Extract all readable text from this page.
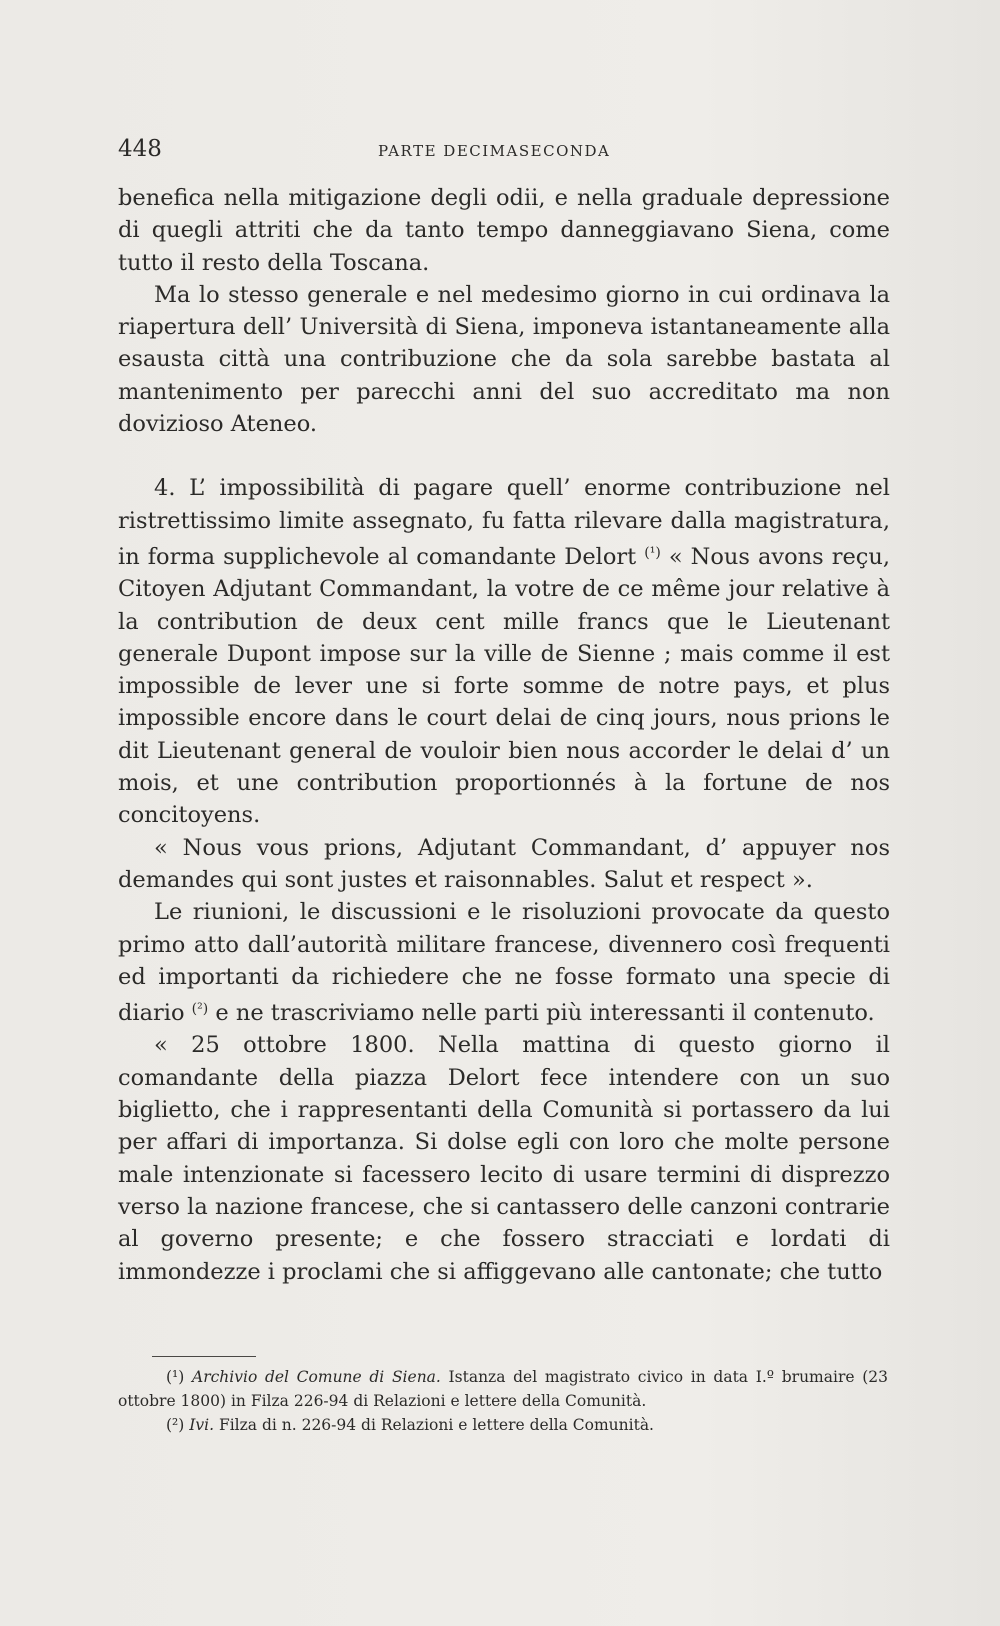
448	PARTE DECIMASECONDA

benefica nella mitigazione degli odii, e nella graduale depressione di quegli attriti che da tanto tempo danneggiavano Siena, come tutto il resto della Toscana.

Ma lo stesso generale e nel medesimo giorno in cui ordinava la riapertura dell’ Università di Siena, imponeva istantaneamente alla esausta città una contribuzione che da sola sarebbe bastata al mantenimento per parecchi anni del suo accreditato ma non dovizioso Ateneo.

4. L’ impossibilità di pagare quell’ enorme contribuzione nel ristrettissimo limite assegnato, fu fatta rilevare dalla magistratura, in forma supplichevole al comandante Delort $^{(^1)}$ « Nous avons reçu, Citoyen Adjutant Commandant, la votre de ce même jour relative à la contribution de deux cent mille francs que le Lieutenant generale Dupont impose sur la ville de Sienne ; mais comme il est impossible de lever une si forte somme de notre pays, et plus impossible encore dans le court delai de cinq jours, nous prions le dit Lieutenant general de vouloir bien nous accorder le delai d’ un mois, et une contribution proportionnés à la fortune de nos concitoyens.

« Nous vous prions, Adjutant Commandant, d’ appuyer nos demandes qui sont justes et raisonnables. Salut et respect ».

Le riunioni, le discussioni e le risoluzioni provocate da questo primo atto dall’autorità militare francese, divennero così frequenti ed importanti da richiedere che ne fosse formato una specie di diario $^{(^2)}$ e ne trascriviamo nelle parti più interessanti il contenuto.

« 25 ottobre 1800. Nella mattina di questo giorno il comandante della piazza Delort fece intendere con un suo biglietto, che i rappresentanti della Comunità si portassero da lui per affari di importanza. Si dolse egli con loro che molte persone male intenzionate si facessero lecito di usare termini di disprezzo verso la nazione francese, che si cantassero delle canzoni contrarie al governo presente; e che fossero stracciati e lordati di immondezze i proclami che si affiggevano alle cantonate; che tutto

(¹) Archivio del Comune di Siena. Istanza del magistrato civico in data I.º brumaire (23 ottobre 1800) in Filza 226-94 di Relazioni e lettere della Comunità.

(²) Ivi. Filza di n. 226-94 di Relazioni e lettere della Comunità.
